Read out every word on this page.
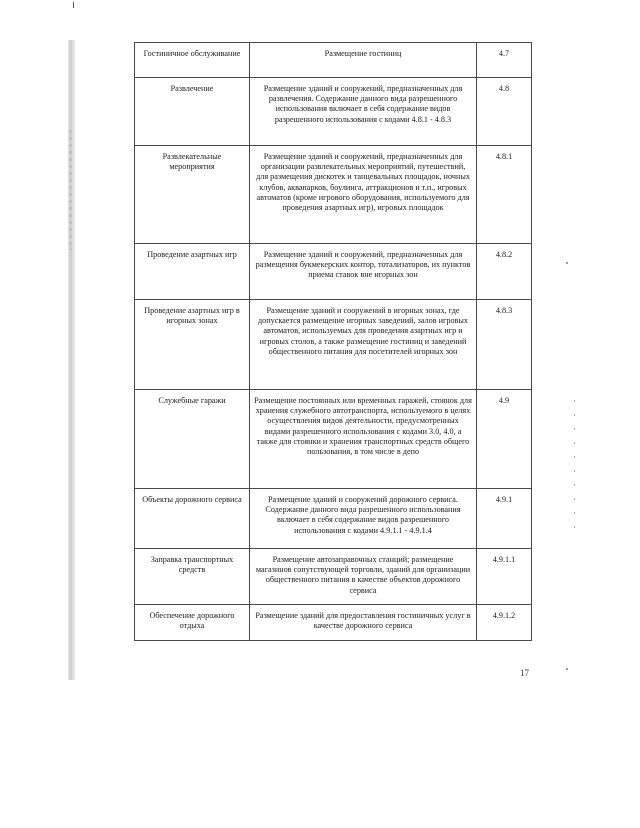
Гостиничное обслуживание	Размещение гостиниц	4.7
Развлечение	Размещение зданий и сооружений, предназначенных для развлечения. Содержание данного вида разрешенного использования включает в себя содержание видов разрешенного использования с кодами 4.8.1 - 4.8.3	4.8
Развлекательные мероприятия	Размещение зданий и сооружений, предназначенных для организации развлекательных мероприятий, путешествий, для размещения дискотек и танцевальных площадок, ночных клубов, аквапарков, боулинга, аттракционов и т.п., игровых автоматов (кроме игрового оборудования, используемого для проведения азартных игр), игровых площадок	4.8.1
Проведение азартных игр	Размещение зданий и сооружений, предназначенных для размещения букмекерских контор, тотализаторов, их пунктов приема ставок вне игорных зон	4.8.2
Проведение азартных игр в игорных зонах	Размещение зданий и сооружений в игорных зонах, где допускается размещение игорных заведений, залов игровых автоматов, используемых для проведения азартных игр и игровых столов, а также размещение гостиниц и заведений общественного питания для посетителей игорных зон	4.8.3
Служебные гаражи	Размещение постоянных или временных гаражей, стоянок для хранения служебного автотранспорта, используемого в целях осуществления видов деятельности, предусмотренных видами разрешенного использования с кодами 3.0, 4.0, а также для стоянки и хранения транспортных средств общего пользования, в том числе в депо	4.9
Объекты дорожного сервиса	Размещение зданий и сооружений дорожного сервиса. Содержание данного вида разрешенного использования включает в себя содержание видов разрешенного использования с кодами 4.9.1.1 - 4.9.1.4	4.9.1
Заправка транспортных средств	Размещение автозаправочных станций; размещение магазинов сопутствующей торговли, зданий для организации общественного питания в качестве объектов дорожного сервиса	4.9.1.1
Обеспечение дорожного отдыха	Размещение зданий для предоставления гостиничных услуг в качестве дорожного сервиса	4.9.1.2
17
